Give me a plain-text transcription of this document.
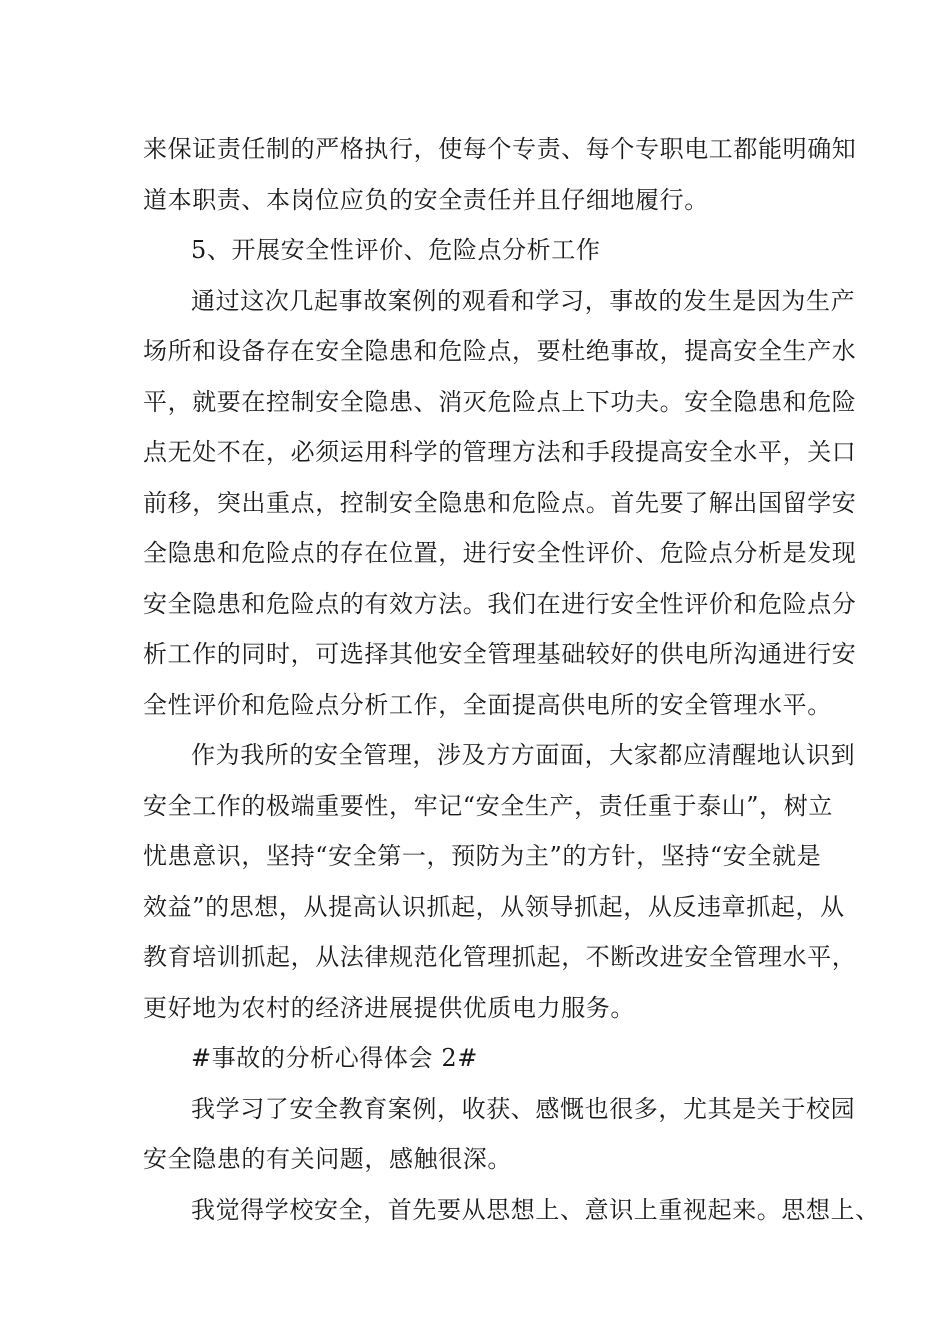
来保证责任制的严格执行，使每个专责、每个专职电工都能明确知
道本职责、本岗位应负的安全责任并且仔细地履行。
5、开展安全性评价、危险点分析工作
通过这次几起事故案例的观看和学习，事故的发生是因为生产
场所和设备存在安全隐患和危险点，要杜绝事故，提高安全生产水
平，就要在控制安全隐患、消灭危险点上下功夫。安全隐患和危险
点无处不在，必须运用科学的管理方法和手段提高安全水平，关口
前移，突出重点，控制安全隐患和危险点。首先要了解出国留学安
全隐患和危险点的存在位置，进行安全性评价、危险点分析是发现
安全隐患和危险点的有效方法。我们在进行安全性评价和危险点分
析工作的同时，可选择其他安全管理基础较好的供电所沟通进行安
全性评价和危险点分析工作，全面提高供电所的安全管理水平。
作为我所的安全管理，涉及方方面面，大家都应清醒地认识到
安全工作的极端重要性，牢记“安全生产，责任重于泰山”，树立
忧患意识，坚持“安全第一，预防为主”的方针，坚持“安全就是
效益”的思想，从提高认识抓起，从领导抓起，从反违章抓起，从
教育培训抓起，从法律规范化管理抓起，不断改进安全管理水平，
更好地为农村的经济进展提供优质电力服务。
#事故的分析心得体会 2#
我学习了安全教育案例，收获、感慨也很多，尤其是关于校园
安全隐患的有关问题，感触很深。
我觉得学校安全，首先要从思想上、意识上重视起来。思想上、
